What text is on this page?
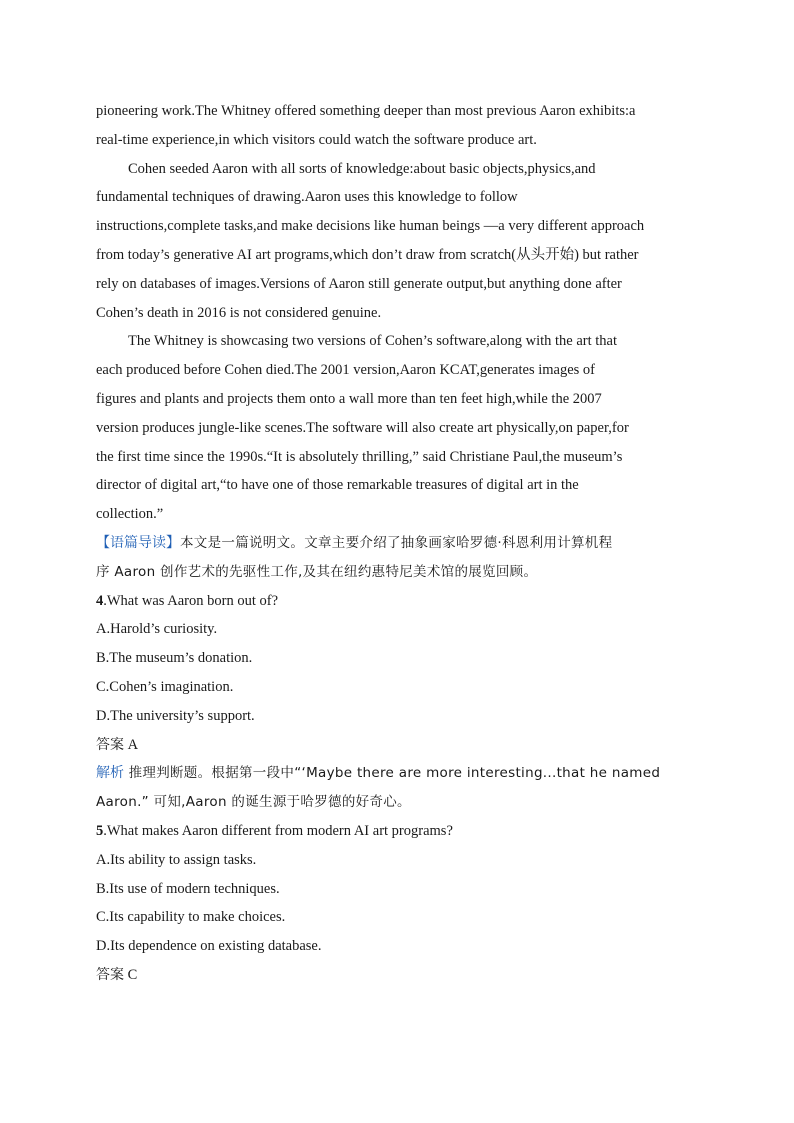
pioneering work.The Whitney offered something deeper than most previous Aaron exhibits:a
real-time experience,in which visitors could watch the software produce art.
Cohen seeded Aaron with all sorts of knowledge:about basic objects,physics,and
fundamental techniques of drawing.Aaron uses this knowledge to follow
instructions,complete tasks,and make decisions like human beings —a very different approach
from today’s generative AI art programs,which don’t draw from scratch(从头开始) but rather
rely on databases of images.Versions of Aaron still generate output,but anything done after
Cohen’s death in 2016 is not considered genuine.
The Whitney is showcasing two versions of Cohen’s software,along with the art that
each produced before Cohen died.The 2001 version,Aaron KCAT,generates images of
figures and plants and projects them onto a wall more than ten feet high,while the 2007
version produces jungle-like scenes.The software will also create art physically,on paper,for
the first time since the 1990s.“It is absolutely thrilling,” said Christiane Paul,the museum’s
director of digital art,“to have one of those remarkable treasures of digital art in the
collection.”
【语篇导读】本文是一篇说明文。文章主要介绍了抽象画家哈罗德·科恩利用计算机程
序 Aaron 创作艺术的先驱性工作,及其在纽约惠特尼美术馆的展览回顾。
4.What was Aaron born out of?
A.Harold’s curiosity.
B.The museum’s donation.
C.Cohen’s imagination.
D.The university’s support.
答案 A
解析 推理判断题。根据第一段中“‘Maybe there are more interesting...that he named
Aaron.” 可知,Aaron 的诞生源于哈罗德的好奇心。
5.What makes Aaron different from modern AI art programs?
A.Its ability to assign tasks.
B.Its use of modern techniques.
C.Its capability to make choices.
D.Its dependence on existing database.
答案 C
